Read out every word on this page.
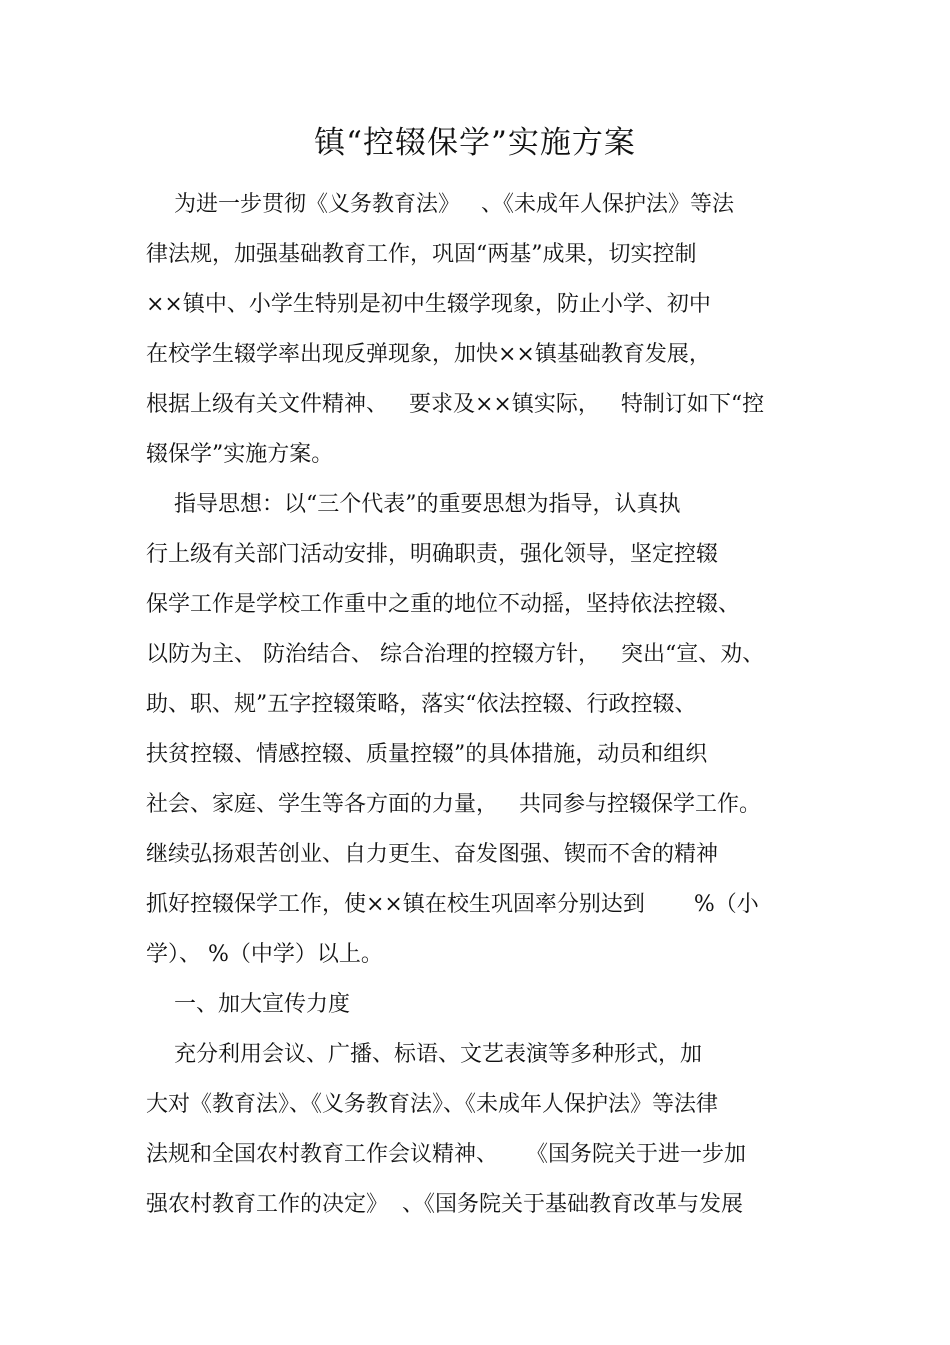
镇“控辍保学”实施方案

为进一步贯彻《义务教育法》   、《未成年人保护法》等法

律法规，加强基础教育工作，巩固“两基”成果，切实控制

××镇中、小学生特别是初中生辍学现象，防止小学、初中

在校学生辍学率出现反弹现象，加快××镇基础教育发展，

根据上级有关文件精神、   要求及××镇实际，   特制订如下“控

辍保学”实施方案。

指导思想：以“三个代表”的重要思想为指导，认真执

行上级有关部门活动安排，明确职责，强化领导，坚定控辍

保学工作是学校工作重中之重的地位不动摇，坚持依法控辍、

以防为主、 防治结合、 综合治理的控辍方针，   突出“宣、劝、

助、职、规”五字控辍策略，落实“依法控辍、行政控辍、

扶贫控辍、情感控辍、质量控辍”的具体措施，动员和组织

社会、家庭、学生等各方面的力量，   共同参与控辍保学工作。

继续弘扬艰苦创业、自力更生、奋发图强、锲而不舍的精神

抓好控辍保学工作，使××镇在校生巩固率分别达到       %（小

学）、 %（中学）以上。

一、加大宣传力度

充分利用会议、广播、标语、文艺表演等多种形式，加

大对《教育法》、《义务教育法》、《未成年人保护法》等法律

法规和全国农村教育工作会议精神、    《国务院关于进一步加

强农村教育工作的决定》  、《国务院关于基础教育改革与发展
